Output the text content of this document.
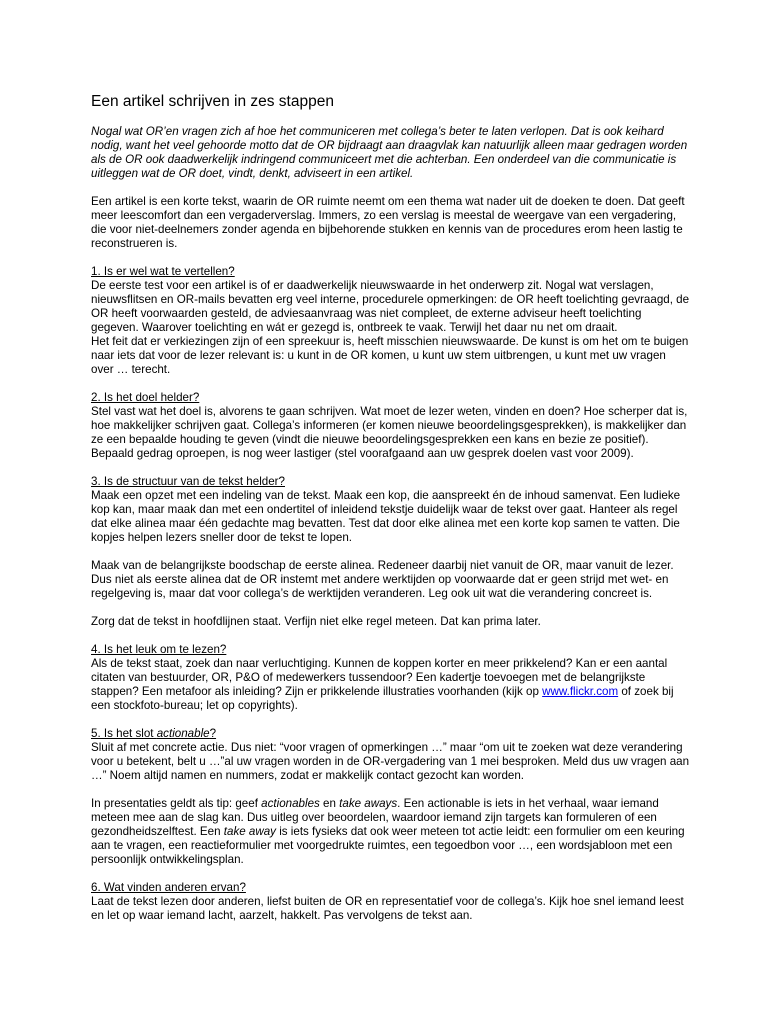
Een artikel schrijven in zes stappen

Nogal wat OR’en vragen zich af hoe het communiceren met collega’s beter te laten verlopen. Dat is ook keihard nodig, want het veel gehoorde motto dat de OR bijdraagt aan draagvlak kan natuurlijk alleen maar gedragen worden als de OR ook daadwerkelijk indringend communiceert met die achterban. Een onderdeel van die communicatie is uitleggen wat de OR doet, vindt, denkt, adviseert in een artikel.

Een artikel is een korte tekst, waarin de OR ruimte neemt om een thema wat nader uit de doeken te doen. Dat geeft meer leescomfort dan een vergaderverslag. Immers, zo een verslag is meestal de weergave van een vergadering, die voor niet-deelnemers zonder agenda en bijbehorende stukken en kennis van de procedures erom heen lastig te reconstrueren is.

1. Is er wel wat te vertellen?
De eerste test voor een artikel is of er daadwerkelijk nieuwswaarde in het onderwerp zit. Nogal wat verslagen, nieuwsflitsen en OR-mails bevatten erg veel interne, procedurele opmerkingen: de OR heeft toelichting gevraagd, de OR heeft voorwaarden gesteld, de adviesaanvraag was niet compleet, de externe adviseur heeft toelichting gegeven. Waarover toelichting en wát er gezegd is, ontbreek te vaak. Terwijl het daar nu net om draait.

Het feit dat er verkiezingen zijn of een spreekuur is, heeft misschien nieuwswaarde. De kunst is om het om te buigen naar iets dat voor de lezer relevant is: u kunt in de OR komen, u kunt uw stem uitbrengen, u kunt met uw vragen over … terecht.

2. Is het doel helder?
Stel vast wat het doel is, alvorens te gaan schrijven. Wat moet de lezer weten, vinden en doen? Hoe scherper dat is, hoe makkelijker schrijven gaat. Collega’s informeren (er komen nieuwe beoordelingsgesprekken), is makkelijker dan ze een bepaalde houding te geven (vindt die nieuwe beoordelingsgesprekken een kans en bezie ze positief). Bepaald gedrag oproepen, is nog weer lastiger (stel voorafgaand aan uw gesprek doelen vast voor 2009).

3. Is de structuur van de tekst helder?
Maak een opzet met een indeling van de tekst. Maak een kop, die aanspreekt én de inhoud samenvat. Een ludieke kop kan, maar maak dan met een ondertitel of inleidend tekstje duidelijk waar de tekst over gaat. Hanteer als regel dat elke alinea maar één gedachte mag bevatten. Test dat door elke alinea met een korte kop samen te vatten. Die kopjes helpen lezers sneller door de tekst te lopen.

Maak van de belangrijkste boodschap de eerste alinea. Redeneer daarbij niet vanuit de OR, maar vanuit de lezer. Dus niet als eerste alinea dat de OR instemt met andere werktijden op voorwaarde dat er geen strijd met wet- en regelgeving is, maar dat voor collega’s de werktijden veranderen. Leg ook uit wat die verandering concreet is.

Zorg dat de tekst in hoofdlijnen staat. Verfijn niet elke regel meteen. Dat kan prima later.

4. Is het leuk om te lezen?
Als de tekst staat, zoek dan naar verluchtiging. Kunnen de koppen korter en meer prikkelend? Kan er een aantal citaten van bestuurder, OR, P&O of medewerkers tussendoor? Een kadertje toevoegen met de belangrijkste stappen? Een metafoor als inleiding? Zijn er prikkelende illustraties voorhanden (kijk op www.flickr.com of zoek bij een stockfoto-bureau; let op copyrights).

5. Is het slot actionable?
Sluit af met concrete actie. Dus niet: “voor vragen of opmerkingen …” maar “om uit te zoeken wat deze verandering voor u betekent, belt u …”al uw vragen worden in de OR-vergadering van 1 mei besproken. Meld dus uw vragen aan …” Noem altijd namen en nummers, zodat er makkelijk contact gezocht kan worden.

In presentaties geldt als tip: geef actionables en take aways. Een actionable is iets in het verhaal, waar iemand meteen mee aan de slag kan. Dus uitleg over beoordelen, waardoor iemand zijn targets kan formuleren of een gezondheidszelftest. Een take away is iets fysieks dat ook weer meteen tot actie leidt: een formulier om een keuring aan te vragen, een reactieformulier met voorgedrukte ruimtes, een tegoedbon voor …, een wordsjabloon met een persoonlijk ontwikkelingsplan.

6. Wat vinden anderen ervan?
Laat de tekst lezen door anderen, liefst buiten de OR en representatief voor de collega’s. Kijk hoe snel iemand leest en let op waar iemand lacht, aarzelt, hakkelt. Pas vervolgens de tekst aan.
